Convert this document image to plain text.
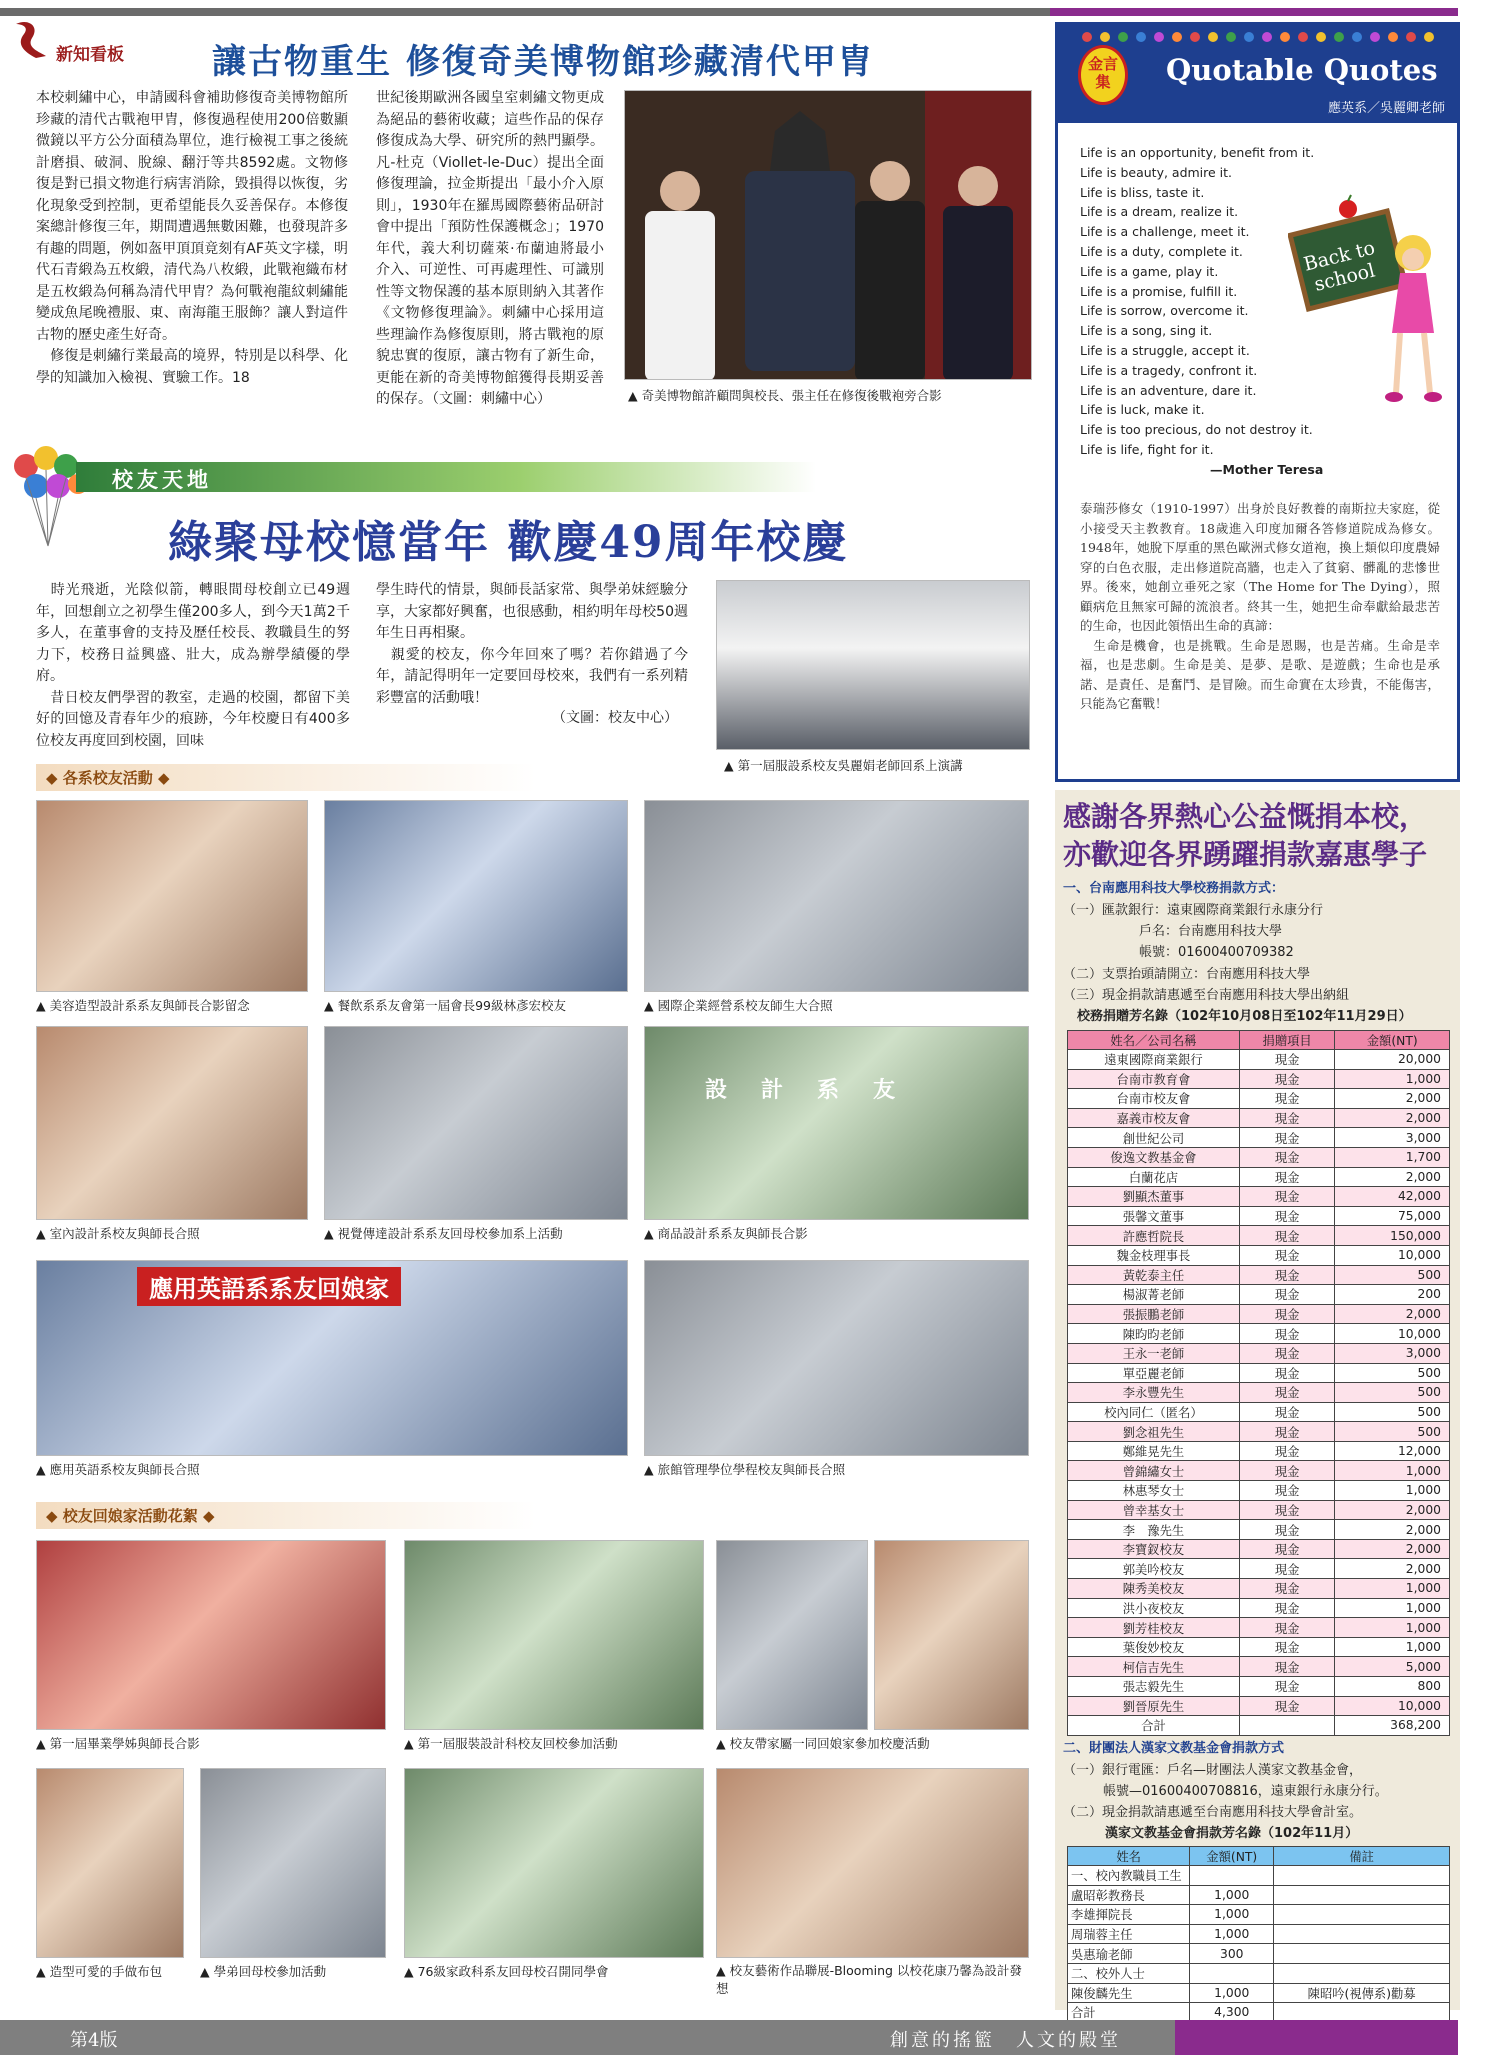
新知看板	讓古物重生 修復奇美博物館珍藏清代甲胄
本校刺繡中心，申請國科會補助修復奇美博物館所珍藏的清代古戰袍甲胄，修復過程使用200倍數顯微鏡以平方公分面積為單位，進行檢視工事之後統計磨損、破洞、脫線、翻汙等共8592處。文物修復是對已損文物進行病害消除，毀損得以恢復，劣化現象受到控制，更希望能長久妥善保存。本修復案總計修復三年，期間遭遇無數困難，也發現許多有趣的問題，例如盔甲頂頂竟刻有AF英文字樣，明代石青緞為五枚緞，清代為八枚緞，此戰袍織布材是五枚緞為何稱為清代甲胄？為何戰袍龍紋刺繡能變成魚尾晚禮服、東、南海龍王服飾？讓人對這件古物的歷史產生好奇。
　修復是刺繡行業最高的境界，特別是以科學、化學的知識加入檢視、實驗工作。18
世紀後期歐洲各國皇室刺繡文物更成為絕品的藝術收藏；這些作品的保存修復成為大學、研究所的熱門顯學。凡-杜克（Viollet-le-Duc）提出全面修復理論，拉金斯提出「最小介入原則」，1930年在羅馬國際藝術品研討會中提出「預防性保護概念」；1970年代，義大利切薩萊·布蘭迪將最小介入、可逆性、可再處理性、可識別性等文物保護的基本原則納入其著作《文物修復理論》。刺繡中心採用這些理論作為修復原則，將古戰袍的原貌忠實的復原，讓古物有了新生命，更能在新的奇美博物館獲得長期妥善的保存。（文圖：刺繡中心）	▲ 奇美博物館許顧問與校長、張主任在修復後戰袍旁合影
校友天地
綠聚母校憶當年 歡慶49周年校慶
　時光飛逝，光陰似箭，轉眼間母校創立已49週年，回想創立之初學生僅200多人，到今天1萬2千多人，在董事會的支持及歷任校長、教職員生的努力下，校務日益興盛、壯大，成為辦學績優的學府。
　昔日校友們學習的教室，走過的校園，都留下美好的回憶及青春年少的痕跡，今年校慶日有400多位校友再度回到校園，回味
學生時代的情景，與師長話家常、與學弟妹經驗分享，大家都好興奮，也很感動，相約明年母校50週年生日再相聚。
　親愛的校友，你今年回來了嗎？若你錯過了今年，請記得明年一定要回母校來，我們有一系列精彩豐富的活動哦！
（文圖：校友中心）
▲ 第一屆服設系校友吳麗娟老師回系上演講
◆ 各系校友活動 ◆
▲ 美容造型設計系系友與師長合影留念	▲ 餐飲系系友會第一屆會長99級林彥宏校友	▲ 國際企業經營系校友師生大合照
設　計　系　友
▲ 室內設計系校友與師長合照	▲ 視覺傳達設計系系友回母校參加系上活動	▲ 商品設計系系友與師長合影
應用英語系系友回娘家
▲ 應用英語系校友與師長合照	▲ 旅館管理學位學程校友與師長合照
◆ 校友回娘家活動花絮 ◆
▲ 第一屆畢業學姊與師長合影	▲ 第一屆服裝設計科校友回校參加活動	▲ 校友帶家屬一同回娘家參加校慶活動
▲ 造型可愛的手做布包	▲ 學弟回母校參加活動	▲ 76級家政科系友回母校召開同學會	▲ 校友藝術作品聯展-Blooming 以校花康乃馨為設計發想
金言集	Quotable Quotes
應英系／吳麗卿老師
Life is an opportunity, benefit from it.
Life is beauty, admire it.
Life is bliss, taste it.
Life is a dream, realize it.
Life is a challenge, meet it.
Life is a duty, complete it.
Life is a game, play it.
Life is a promise, fulfill it.
Life is sorrow, overcome it.
Life is a song, sing it.
Life is a struggle, accept it.
Life is a tragedy, confront it.
Life is an adventure, dare it.
Life is luck, make it.
Life is too precious, do not destroy it.
Life is life, fight for it.
—Mother Teresa
Back to school
泰瑞莎修女（1910-1997）出身於良好教養的南斯拉夫家庭，從小接受天主教教育。18歲進入印度加爾各答修道院成為修女。1948年，她脫下厚重的黑色歐洲式修女道袍，換上類似印度農婦穿的白色衣服，走出修道院高牆，也走入了貧窮、髒亂的悲慘世界。後來，她創立垂死之家（The Home for The Dying），照顧病危且無家可歸的流浪者。終其一生，她把生命奉獻給最悲苦的生命，也因此領悟出生命的真諦：
　生命是機會，也是挑戰。生命是恩賜，也是苦痛。生命是幸福，也是悲劇。生命是美、是夢、是歌、是遊戲；生命也是承諾、是責任、是奮鬥、是冒險。而生命實在太珍貴，不能傷害，只能為它奮戰！
感謝各界熱心公益慨捐本校，
亦歡迎各界踴躍捐款嘉惠學子
一、台南應用科技大學校務捐款方式：
（一）匯款銀行：遠東國際商業銀行永康分行
戶名：台南應用科技大學
帳號：01600400709382
（二）支票抬頭請開立：台南應用科技大學
（三）現金捐款請惠遞至台南應用科技大學出納組
校務捐贈芳名錄（102年10月08日至102年11月29日）
姓名／公司名稱	捐贈項目	金額(NT)
遠東國際商業銀行	現金	20,000
台南市教育會	現金	1,000
台南市校友會	現金	2,000
嘉義市校友會	現金	2,000
創世紀公司	現金	3,000
俊逸文教基金會	現金	1,700
白蘭花店	現金	2,000
劉顯杰董事	現金	42,000
張馨文董事	現金	75,000
許應哲院長	現金	150,000
魏金枝理事長	現金	10,000
黃乾泰主任	現金	500
楊淑菁老師	現金	200
張振鵬老師	現金	2,000
陳昀昀老師	現金	10,000
王永一老師	現金	3,000
單亞麗老師	現金	500
李永豐先生	現金	500
校內同仁（匿名）	現金	500
劉念祖先生	現金	500
鄭維晃先生	現金	12,000
曾錦繡女士	現金	1,000
林惠琴女士	現金	1,000
曾幸基女士	現金	2,000
李　豫先生	現金	2,000
李寶釵校友	現金	2,000
郭美吟校友	現金	2,000
陳秀美校友	現金	1,000
洪小夜校友	現金	1,000
劉芳桂校友	現金	1,000
葉俊妙校友	現金	1,000
柯信吉先生	現金	5,000
張志毅先生	現金	800
劉晉原先生	現金	10,000
合計		368,200
二、財團法人漢家文教基金會捐款方式
（一）銀行電匯：戶名—財團法人漢家文教基金會，
帳號—01600400708816，遠東銀行永康分行。
（二）現金捐款請惠遞至台南應用科技大學會計室。
漢家文教基金會捐款芳名錄（102年11月）
姓名	金額(NT)	備註
一、校內教職員工生		
盧昭彰教務長	1,000	
李雄揮院長	1,000	
周瑞蓉主任	1,000	
吳惠瑜老師	300	
二、校外人士		
陳俊麟先生	1,000	陳昭吟(視傳系)勸募
合計	4,300	
第4版	創意的搖籃　人文的殿堂
